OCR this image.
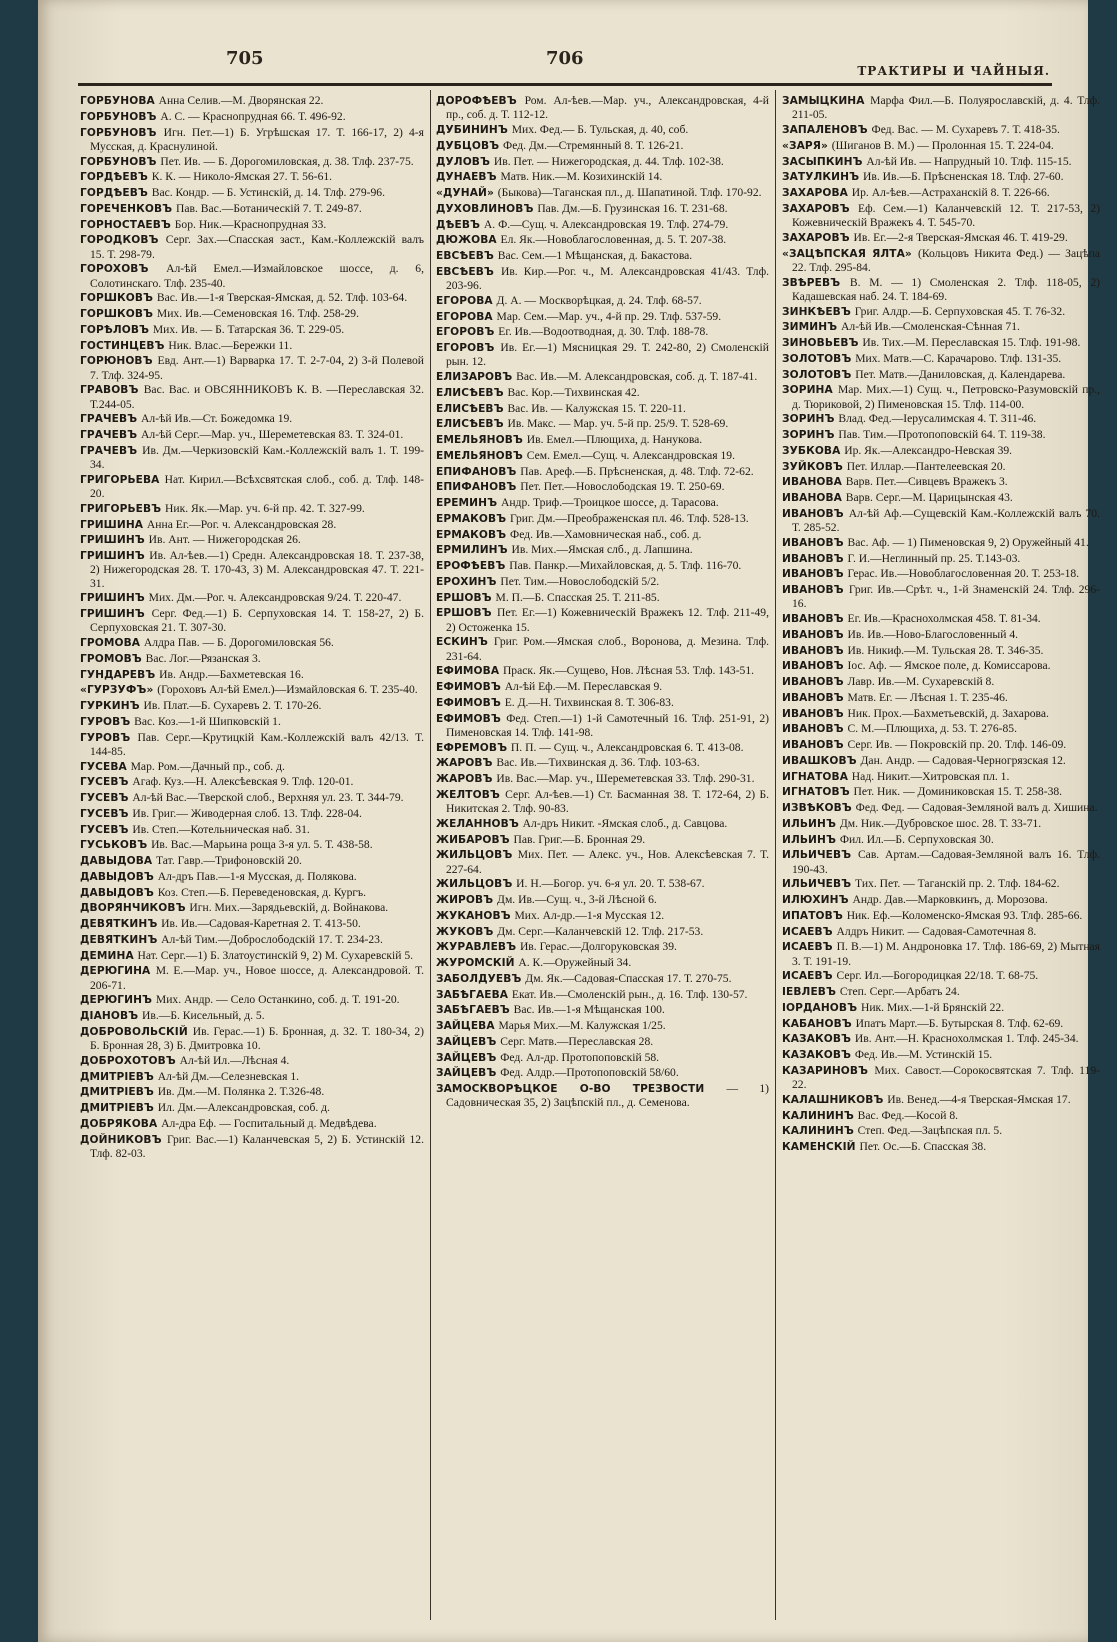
705	706
ТРАКТИРЫ И ЧАЙНЫЯ.

ГОРБУНОВА Анна Селив.—М. Дворянская 22.

ГОРБУНОВЪ А. С. — Краснопрудная 66. Т. 496-92.

ГОРБУНОВЪ Игн. Пет.—1) Б. Угрѣшская 17. Т. 166-17, 2) 4-я Мусская, д. Краснулиной.

ГОРБУНОВЪ Пет. Ив. — Б. Дорогомиловская, д. 38. Тлф. 237-75.

ГОРДѢЕВЪ К. К. — Николо-Ямская 27. Т. 56-61.

ГОРДѢЕВЪ Вас. Кондр. — Б. Устинскій, д. 14. Тлф. 279-96.

ГОРЕЧЕНКОВЪ Пав. Вас.—Ботаническій 7. Т. 249-87.

ГОРНОСТАЕВЪ Бор. Ник.—Краснопрудная 33.

ГОРОДКОВЪ Серг. Зах.—Спасская заст., Кам.-Коллежскій валъ 15. Т. 298-79.

ГОРОХОВЪ Ал-ѣй Емел.—Измайловское шоссе, д. 6, Солотинскаго. Тлф. 235-40.

ГОРШКОВЪ Вас. Ив.—1-я Тверская-Ямская, д. 52. Тлф. 103-64.

ГОРШКОВЪ Мих. Ив.—Семеновская 16. Тлф. 258-29.

ГОРѢЛОВЪ Мих. Ив. — Б. Татарская 36. Т. 229-05.

ГОСТИНЦЕВЪ Ник. Влас.—Бережки 11.

ГОРЮНОВЪ Евд. Ант.—1) Варварка 17. Т. 2-7-04, 2) 3-й Полевой 7. Тлф. 324-95.

ГРАВОВЪ Вас. Вас. и ОВСЯННИКОВЪ К. В. —Переславская 32. Т.244-05.

ГРАЧЕВЪ Ал-ѣй Ив.—Ст. Божедомка 19.

ГРАЧЕВЪ Ал-ѣй Серг.—Мар. уч., Шереметевская 83. Т. 324-01.

ГРАЧЕВЪ Ив. Дм.—Черкизовскій Кам.-Коллежскій валъ 1. Т. 199-34.

ГРИГОРЬЕВА Нат. Кирил.—Всѣхсвятская слоб., соб. д. Тлф. 148-20.

ГРИГОРЬЕВЪ Ник. Як.—Мар. уч. 6-й пр. 42. Т. 327-99.

ГРИШИНА Анна Ег.—Рог. ч. Александровская 28.

ГРИШИНЪ Ив. Ант. — Нижегородская 26.

ГРИШИНЪ Ив. Ал-ѣев.—1) Средн. Александровская 18. Т. 237-38, 2) Нижегородская 28. Т. 170-43, 3) М. Александровская 47. Т. 221-31.

ГРИШИНЪ Мих. Дм.—Рог. ч. Александровская 9/24. Т. 220-47.

ГРИШИНЪ Серг. Фед.—1) Б. Серпуховская 14. Т. 158-27, 2) Б. Серпуховская 21. Т. 307-30.

ГРОМОВА Алдра Пав. — Б. Дорогомиловская 56.

ГРОМОВЪ Вас. Лог.—Рязанская 3.

ГУНДАРЕВЪ Ив. Андр.—Бахметевская 16.

«ГУРЗУФЪ» (Гороховъ Ал-ѣй Емел.)—Измайловская 6. Т. 235-40.

ГУРКИНЪ Ив. Плат.—Б. Сухаревъ 2. Т. 170-26.

ГУРОВЪ Вас. Коз.—1-й Шипковскій 1.

ГУРОВЪ Пав. Серг.—Крутицкій Кам.-Коллежскій валъ 42/13. Т. 144-85.

ГУСЕВА Мар. Ром.—Дачный пр., соб. д.

ГУСЕВЪ Агаф. Куз.—Н. Алексѣевская 9. Тлф. 120-01.

ГУСЕВЪ Ал-ѣй Вас.—Тверской слоб., Верхняя ул. 23. Т. 344-79.

ГУСЕВЪ Ив. Григ.— Живодерная слоб. 13. Тлф. 228-04.

ГУСЕВЪ Ив. Степ.—Котельническая наб. 31.

ГУСЬКОВЪ Ив. Вас.—Марьина роща 3-я ул. 5. Т. 438-58.

ДАВЫДОВА Тат. Гавр.—Трифоновскій 20.

ДАВЫДОВЪ Ал-дръ Пав.—1-я Мусская, д. Полякова.

ДАВЫДОВЪ Коз. Степ.—Б. Переведеновская, д. Кургъ.

ДВОРЯНЧИКОВЪ Игн. Мих.—Зарядьевскій, д. Войнакова.

ДЕВЯТКИНЪ Ив. Ив.—Садовая-Каретная 2. Т. 413-50.

ДЕВЯТКИНЪ Ал-ѣй Тим.—Доброслободскій 17. Т. 234-23.

ДЕМИНА Нат. Серг.—1) Б. Златоустинскій 9, 2) М. Сухаревскій 5.

ДЕРЮГИНА М. Е.—Мар. уч., Новое шоссе, д. Александровой. Т. 206-71.

ДЕРЮГИНЪ Мих. Андр. — Село Останкино, соб. д. Т. 191-20.

ДІАНОВЪ Ив.—Б. Кисельный, д. 5.

ДОБРОВОЛЬСКІЙ Ив. Герас.—1) Б. Бронная, д. 32. Т. 180-34, 2) Б. Бронная 28, 3) Б. Дмитровка 10.

ДОБРОХОТОВЪ Ал-ѣй Ил.—Лѣсная 4.

ДМИТРІЕВЪ Ал-ѣй Дм.—Селезневская 1.

ДМИТРІЕВЪ Ив. Дм.—М. Полянка 2. Т.326-48.

ДМИТРІЕВЪ Ил. Дм.—Александровская, соб. д.

ДОБРЯКОВА Ал-дра Еф. — Госпитальный д. Медвѣдева.

ДОЙНИКОВЪ Григ. Вас.—1) Каланчевская 5, 2) Б. Устинскій 12. Тлф. 82-03.

ДОРОФѢЕВЪ Ром. Ал-ѣев.—Мар. уч., Александровская, 4-й пр., соб. д. Т. 112-12.

ДУБИНИНЪ Мих. Фед.— Б. Тульская, д. 40, соб.

ДУБЦОВЪ Фед. Дм.—Стремянный 8. Т. 126-21.

ДУЛОВЪ Ив. Пет. — Нижегородская, д. 44. Тлф. 102-38.

ДУНАЕВЪ Матв. Ник.—М. Козихинскій 14.

«ДУНАЙ» (Быкова)—Таганская пл., д. Шапатиной. Тлф. 170-92.

ДУХОВЛИНОВЪ Пав. Дм.—Б. Грузинская 16. Т. 231-68.

ДѢЕВЪ А. Ф.—Сущ. ч. Александровская 19. Тлф. 274-79.

ДЮЖОВА Ел. Як.—Новоблагословенная, д. 5. Т. 207-38.

ЕВСѢЕВЪ Вас. Сем.—1 Мѣщанская, д. Бакастова.

ЕВСѢЕВЪ Ив. Кир.—Рог. ч., М. Александровская 41/43. Тлф. 203-96.

ЕГОРОВА Д. А. — Москворѣцкая, д. 24. Тлф. 68-57.

ЕГОРОВА Мар. Сем.—Мар. уч., 4-й пр. 29. Тлф. 537-59.

ЕГОРОВЪ Ег. Ив.—Водоотводная, д. 30. Тлф. 188-78.

ЕГОРОВЪ Ив. Ег.—1) Мясницкая 29. Т. 242-80, 2) Смоленскій рын. 12.

ЕЛИЗАРОВЪ Вас. Ив.—М. Александровская, соб. д. Т. 187-41.

ЕЛИСѢЕВЪ Вас. Кор.—Тихвинская 42.

ЕЛИСѢЕВЪ Вас. Ив. — Калужская 15. Т. 220-11.

ЕЛИСѢЕВЪ Ив. Макс. — Мар. уч. 5-й пр. 25/9. Т. 528-69.

ЕМЕЛЬЯНОВЪ Ив. Емел.—Плющиха, д. Нанукова.

ЕМЕЛЬЯНОВЪ Сем. Емел.—Сущ. ч. Александровская 19.

ЕПИФАНОВЪ Пав. Ареф.—Б. Прѣсненская, д. 48. Тлф. 72-62.

ЕПИФАНОВЪ Пет. Пет.—Новослободская 19. Т. 250-69.

ЕРЕМИНЪ Андр. Триф.—Троицкое шоссе, д. Тарасова.

ЕРМАКОВЪ Григ. Дм.—Преображенская пл. 46. Тлф. 528-13.

ЕРМАКОВЪ Фед. Ив.—Хамовническая наб., соб. д.

ЕРМИЛИНЪ Ив. Мих.—Ямская слб., д. Лапшина.

ЕРОФѢЕВЪ Пав. Панкр.—Михайловская, д. 5. Тлф. 116-70.

ЕРОХИНЪ Пет. Тим.—Новослободскій 5/2.

ЕРШОВЪ М. П.—Б. Спасская 25. Т. 211-85.

ЕРШОВЪ Пет. Ег.—1) Кожевническій Вражекъ 12. Тлф. 211-49, 2) Остоженка 15.

ЕСКИНЪ Григ. Ром.—Ямская слоб., Воронова, д. Мезина. Тлф. 231-64.

ЕФИМОВА Праск. Як.—Сущево, Нов. Лѣсная 53. Тлф. 143-51.

ЕФИМОВЪ Ал-ѣй Еф.—М. Переславская 9.

ЕФИМОВЪ Е. Д.—Н. Тихвинская 8. Т. 306-83.

ЕФИМОВЪ Фед. Степ.—1) 1-й Самотечный 16. Тлф. 251-91, 2) Пименовская 14. Тлф. 141-98.

ЕФРЕМОВЪ П. П. — Сущ. ч., Александровская 6. Т. 413-08.

ЖАРОВЪ Вас. Ив.—Тихвинская д. 36. Тлф. 103-63.

ЖАРОВЪ Ив. Вас.—Мар. уч., Шереметевская 33. Тлф. 290-31.

ЖЕЛТОВЪ Серг. Ал-ѣев.—1) Ст. Басманная 38. Т. 172-64, 2) Б. Никитская 2. Тлф. 90-83.

ЖЕЛАННОВЪ Ал-дръ Никит. -Ямская слоб., д. Савцова.

ЖИБАРОВЪ Пав. Григ.—Б. Бронная 29.

ЖИЛЬЦОВЪ Мих. Пет. — Алекс. уч., Нов. Алексѣевская 7. Т. 227-64.

ЖИЛЬЦОВЪ И. Н.—Богор. уч. 6-я ул. 20. Т. 538-67.

ЖИРОВЪ Дм. Ив.—Сущ. ч., 3-й Лѣсной 6.

ЖУКАНОВЪ Мих. Ал-др.—1-я Мусская 12.

ЖУКОВЪ Дм. Серг.—Каланчевскій 12. Тлф. 217-53.

ЖУРАВЛЕВЪ Ив. Герас.—Долгоруковская 39.

ЖУРОМСКІЙ А. К.—Оружейный 34.

ЗАБОЛДУЕВЪ Дм. Як.—Садовая-Спасская 17. Т. 270-75.

ЗАБѢГАЕВА Екат. Ив.—Смоленскій рын., д. 16. Тлф. 130-57.

ЗАБѢГАЕВЪ Вас. Ив.—1-я Мѣщанская 100.

ЗАЙЦЕВА Марья Мих.—М. Калужская 1/25.

ЗАЙЦЕВЪ Серг. Матв.—Переславская 28.

ЗАЙЦЕВЪ Фед. Ал-др. Протопоповскій 58.

ЗАЙЦЕВЪ Фед. Алдр.—Протопоповскій 58/60.

ЗАМОСКВОРѢЦКОЕ О-ВО ТРЕЗВОСТИ — 1) Садовническая 35, 2) Зацѣпскій пл., д. Семенова.

ЗАМЫЦКИНА Марфа Фил.—Б. Полуярославскій, д. 4. Тлф. 211-05.

ЗАПАЛЕНОВЪ Фед. Вас. — М. Сухаревъ 7. Т. 418-35.

«ЗАРЯ» (Шиганов В. М.) — Пролонная 15. Т. 224-04.

ЗАСЫПКИНЪ Ал-ѣй Ив. — Напрудный 10. Тлф. 115-15.

ЗАТУЛКИНЪ Ив. Ив.—Б. Прѣсненская 18. Тлф. 27-60.

ЗАХАРОВА Ир. Ал-ѣев.—Астраханскій 8. Т. 226-66.

ЗАХАРОВЪ Еф. Сем.—1) Каланчевскій 12. Т. 217-53, 2) Кожевническій Вражекъ 4. Т. 545-70.

ЗАХАРОВЪ Ив. Ег.—2-я Тверская-Ямская 46. Т. 419-29.

«ЗАЦѢПСКАЯ ЯЛТА» (Кольцовъ Никита Фед.) — Зацѣпа 22. Тлф. 295-84.

ЗВѢРЕВЪ В. М. — 1) Смоленская 2. Тлф. 118-05, 2) Кадашевская наб. 24. Т. 184-69.

ЗИНКѢЕВЪ Григ. Алдр.—Б. Серпуховская 45. Т. 76-32.

ЗИМИНЪ Ал-ѣй Ив.—Смоленская-Сѣнная 71.

ЗИНОВЬЕВЪ Ив. Тих.—М. Переславская 15. Тлф. 191-98.

ЗОЛОТОВЪ Мих. Матв.—С. Карачарово. Тлф. 131-35.

ЗОЛОТОВЪ Пет. Матв.—Даниловская, д. Календарева.

ЗОРИНА Мар. Мих.—1) Сущ. ч., Петровско-Разумовскій пр., д. Тюриковой, 2) Пименовская 15. Тлф. 114-00.

ЗОРИНЪ Влад. Фед.—Іерусалимская 4. Т. 311-46.

ЗОРИНЪ Пав. Тим.—Протопоповскій 64. Т. 119-38.

ЗУБКОВА Ир. Як.—Александро-Невская 39.

ЗУЙКОВЪ Пет. Иллар.—Пантелеевская 20.

ИВАНОВА Варв. Пет.—Сивцевъ Вражекъ 3.

ИВАНОВА Варв. Серг.—М. Царицынская 43.

ИВАНОВЪ Ал-ѣй Аф.—Сущевскій Кам.-Коллежскій валъ 70. Т. 285-52.

ИВАНОВЪ Вас. Аф. — 1) Пименовская 9, 2) Оружейный 41.

ИВАНОВЪ Г. И.—Неглинный пр. 25. Т.143-03.

ИВАНОВЪ Герас. Ив.—Новоблагословенная 20. Т. 253-18.

ИВАНОВЪ Григ. Ив.—Срѣт. ч., 1-й Знаменскій 24. Тлф. 296-16.

ИВАНОВЪ Ег. Ив.—Краснохолмская 458. Т. 81-34.

ИВАНОВЪ Ив. Ив.—Ново-Благословенный 4.

ИВАНОВЪ Ив. Никиф.—М. Тульская 28. Т. 346-35.

ИВАНОВЪ Іос. Аф. — Ямское поле, д. Комиссарова.

ИВАНОВЪ Лавр. Ив.—М. Сухаревскій 8.

ИВАНОВЪ Матв. Ег. — Лѣсная 1. Т. 235-46.

ИВАНОВЪ Ник. Прох.—Бахметьевскій, д. Захарова.

ИВАНОВЪ С. М.—Плющиха, д. 53. Т. 276-85.

ИВАНОВЪ Серг. Ив. — Покровскій пр. 20. Тлф. 146-09.

ИВАШКОВЪ Дан. Андр. — Садовая-Черногрязская 12.

ИГНАТОВА Над. Никит.—Хитровская пл. 1.

ИГНАТОВЪ Пет. Ник. — Доминиковская 15. Т. 258-38.

ИЗВѢКОВЪ Фед. Фед. — Садовая-Земляной валъ д. Хишина.

ИЛЬИНЪ Дм. Ник.—Дубровское шос. 28. Т. 33-71.

ИЛЬИНЪ Фил. Ил.—Б. Серпуховская 30.

ИЛЬИЧЕВЪ Сав. Артам.—Садовая-Земляной валъ 16. Тлф. 190-43.

ИЛЬИЧЕВЪ Тих. Пет. — Таганскій пр. 2. Тлф. 184-62.

ИЛЮХИНЪ Андр. Дав.—Марковкинъ, д. Морозова.

ИПАТОВЪ Ник. Еф.—Коломенско-Ямская 93. Тлф. 285-66.

ИСАЕВЪ Алдръ Никит. — Садовая-Самотечная 8.

ИСАЕВЪ П. В.—1) М. Андроновка 17. Тлф. 186-69, 2) Мытная 3. Т. 191-19.

ИСАЕВЪ Серг. Ил.—Богородицкая 22/18. Т. 68-75.

ІЕВЛЕВЪ Степ. Серг.—Арбатъ 24.

ІОРДАНОВЪ Ник. Мих.—1-й Брянскій 22.

КАБАНОВЪ Ипатъ Март.—Б. Бутырская 8. Тлф. 62-69.

КАЗАКОВЪ Ив. Ант.—Н. Краснохолмская 1. Тлф. 245-34.

КАЗАКОВЪ Фед. Ив.—М. Устинскій 15.

КАЗАРИНОВЪ Мих. Савост.—Сорокосвятская 7. Тлф. 119-22.

КАЛАШНИКОВЪ Ив. Венед.—4-я Тверская-Ямская 17.

КАЛИНИНЪ Вас. Фед.—Косой 8.

КАЛИНИНЪ Степ. Фед.—Зацѣпская пл. 5.

КАМЕНСКІЙ Пет. Ос.—Б. Спасская 38.
